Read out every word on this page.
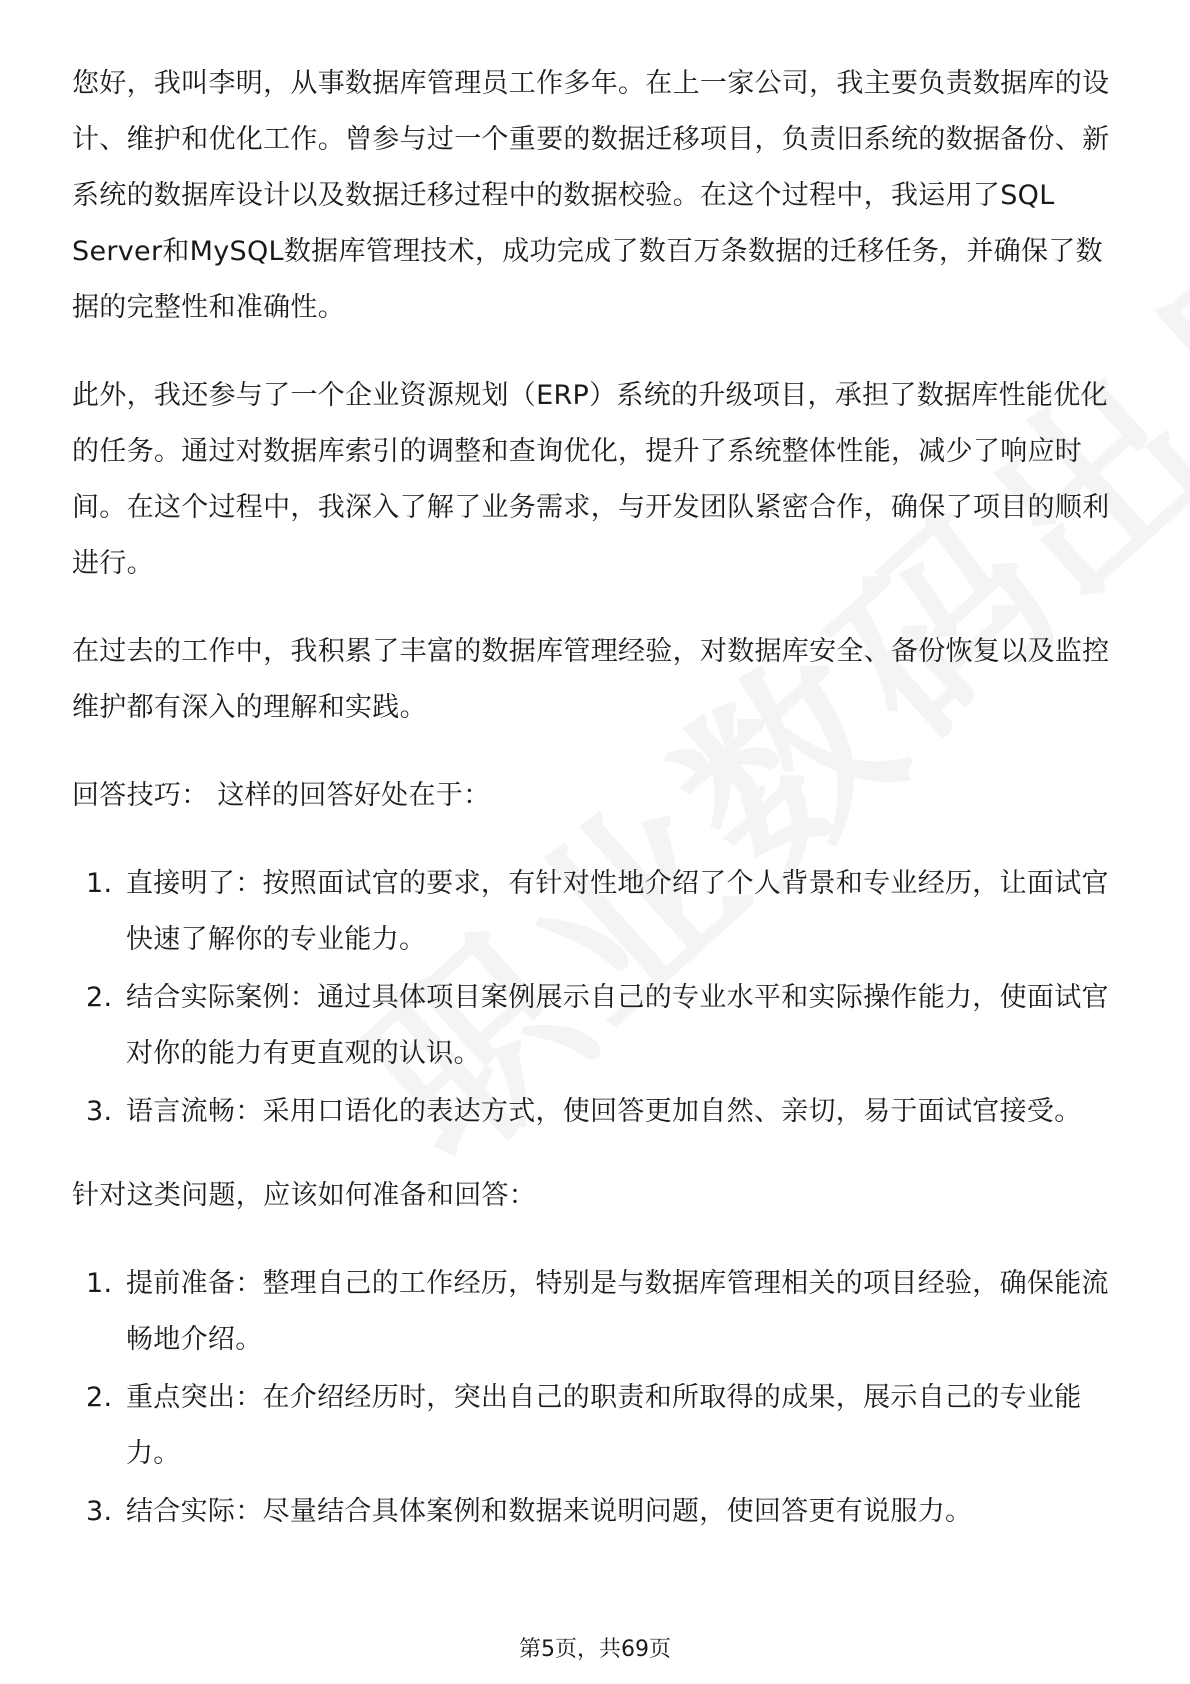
您好，我叫李明，从事数据库管理员工作多年。在上一家公司，我主要负责数据库的设计、维护和优化工作。曾参与过一个重要的数据迁移项目，负责旧系统的数据备份、新系统的数据库设计以及数据迁移过程中的数据校验。在这个过程中，我运用了SQL Server和MySQL数据库管理技术，成功完成了数百万条数据的迁移任务，并确保了数据的完整性和准确性。

此外，我还参与了一个企业资源规划（ERP）系统的升级项目，承担了数据库性能优化的任务。通过对数据库索引的调整和查询优化，提升了系统整体性能，减少了响应时间。在这个过程中，我深入了解了业务需求，与开发团队紧密合作，确保了项目的顺利进行。

在过去的工作中，我积累了丰富的数据库管理经验，对数据库安全、备份恢复以及监控维护都有深入的理解和实践。

回答技巧： 这样的回答好处在于：

1. 直接明了：按照面试官的要求，有针对性地介绍了个人背景和专业经历，让面试官快速了解你的专业能力。
2. 结合实际案例：通过具体项目案例展示自己的专业水平和实际操作能力，使面试官对你的能力有更直观的认识。
3. 语言流畅：采用口语化的表达方式，使回答更加自然、亲切，易于面试官接受。

针对这类问题，应该如何准备和回答：

1. 提前准备：整理自己的工作经历，特别是与数据库管理相关的项目经验，确保能流畅地介绍。
2. 重点突出：在介绍经历时，突出自己的职责和所取得的成果，展示自己的专业能力。
3. 结合实际：尽量结合具体案例和数据来说明问题，使回答更有说服力。
第5页，共69页
